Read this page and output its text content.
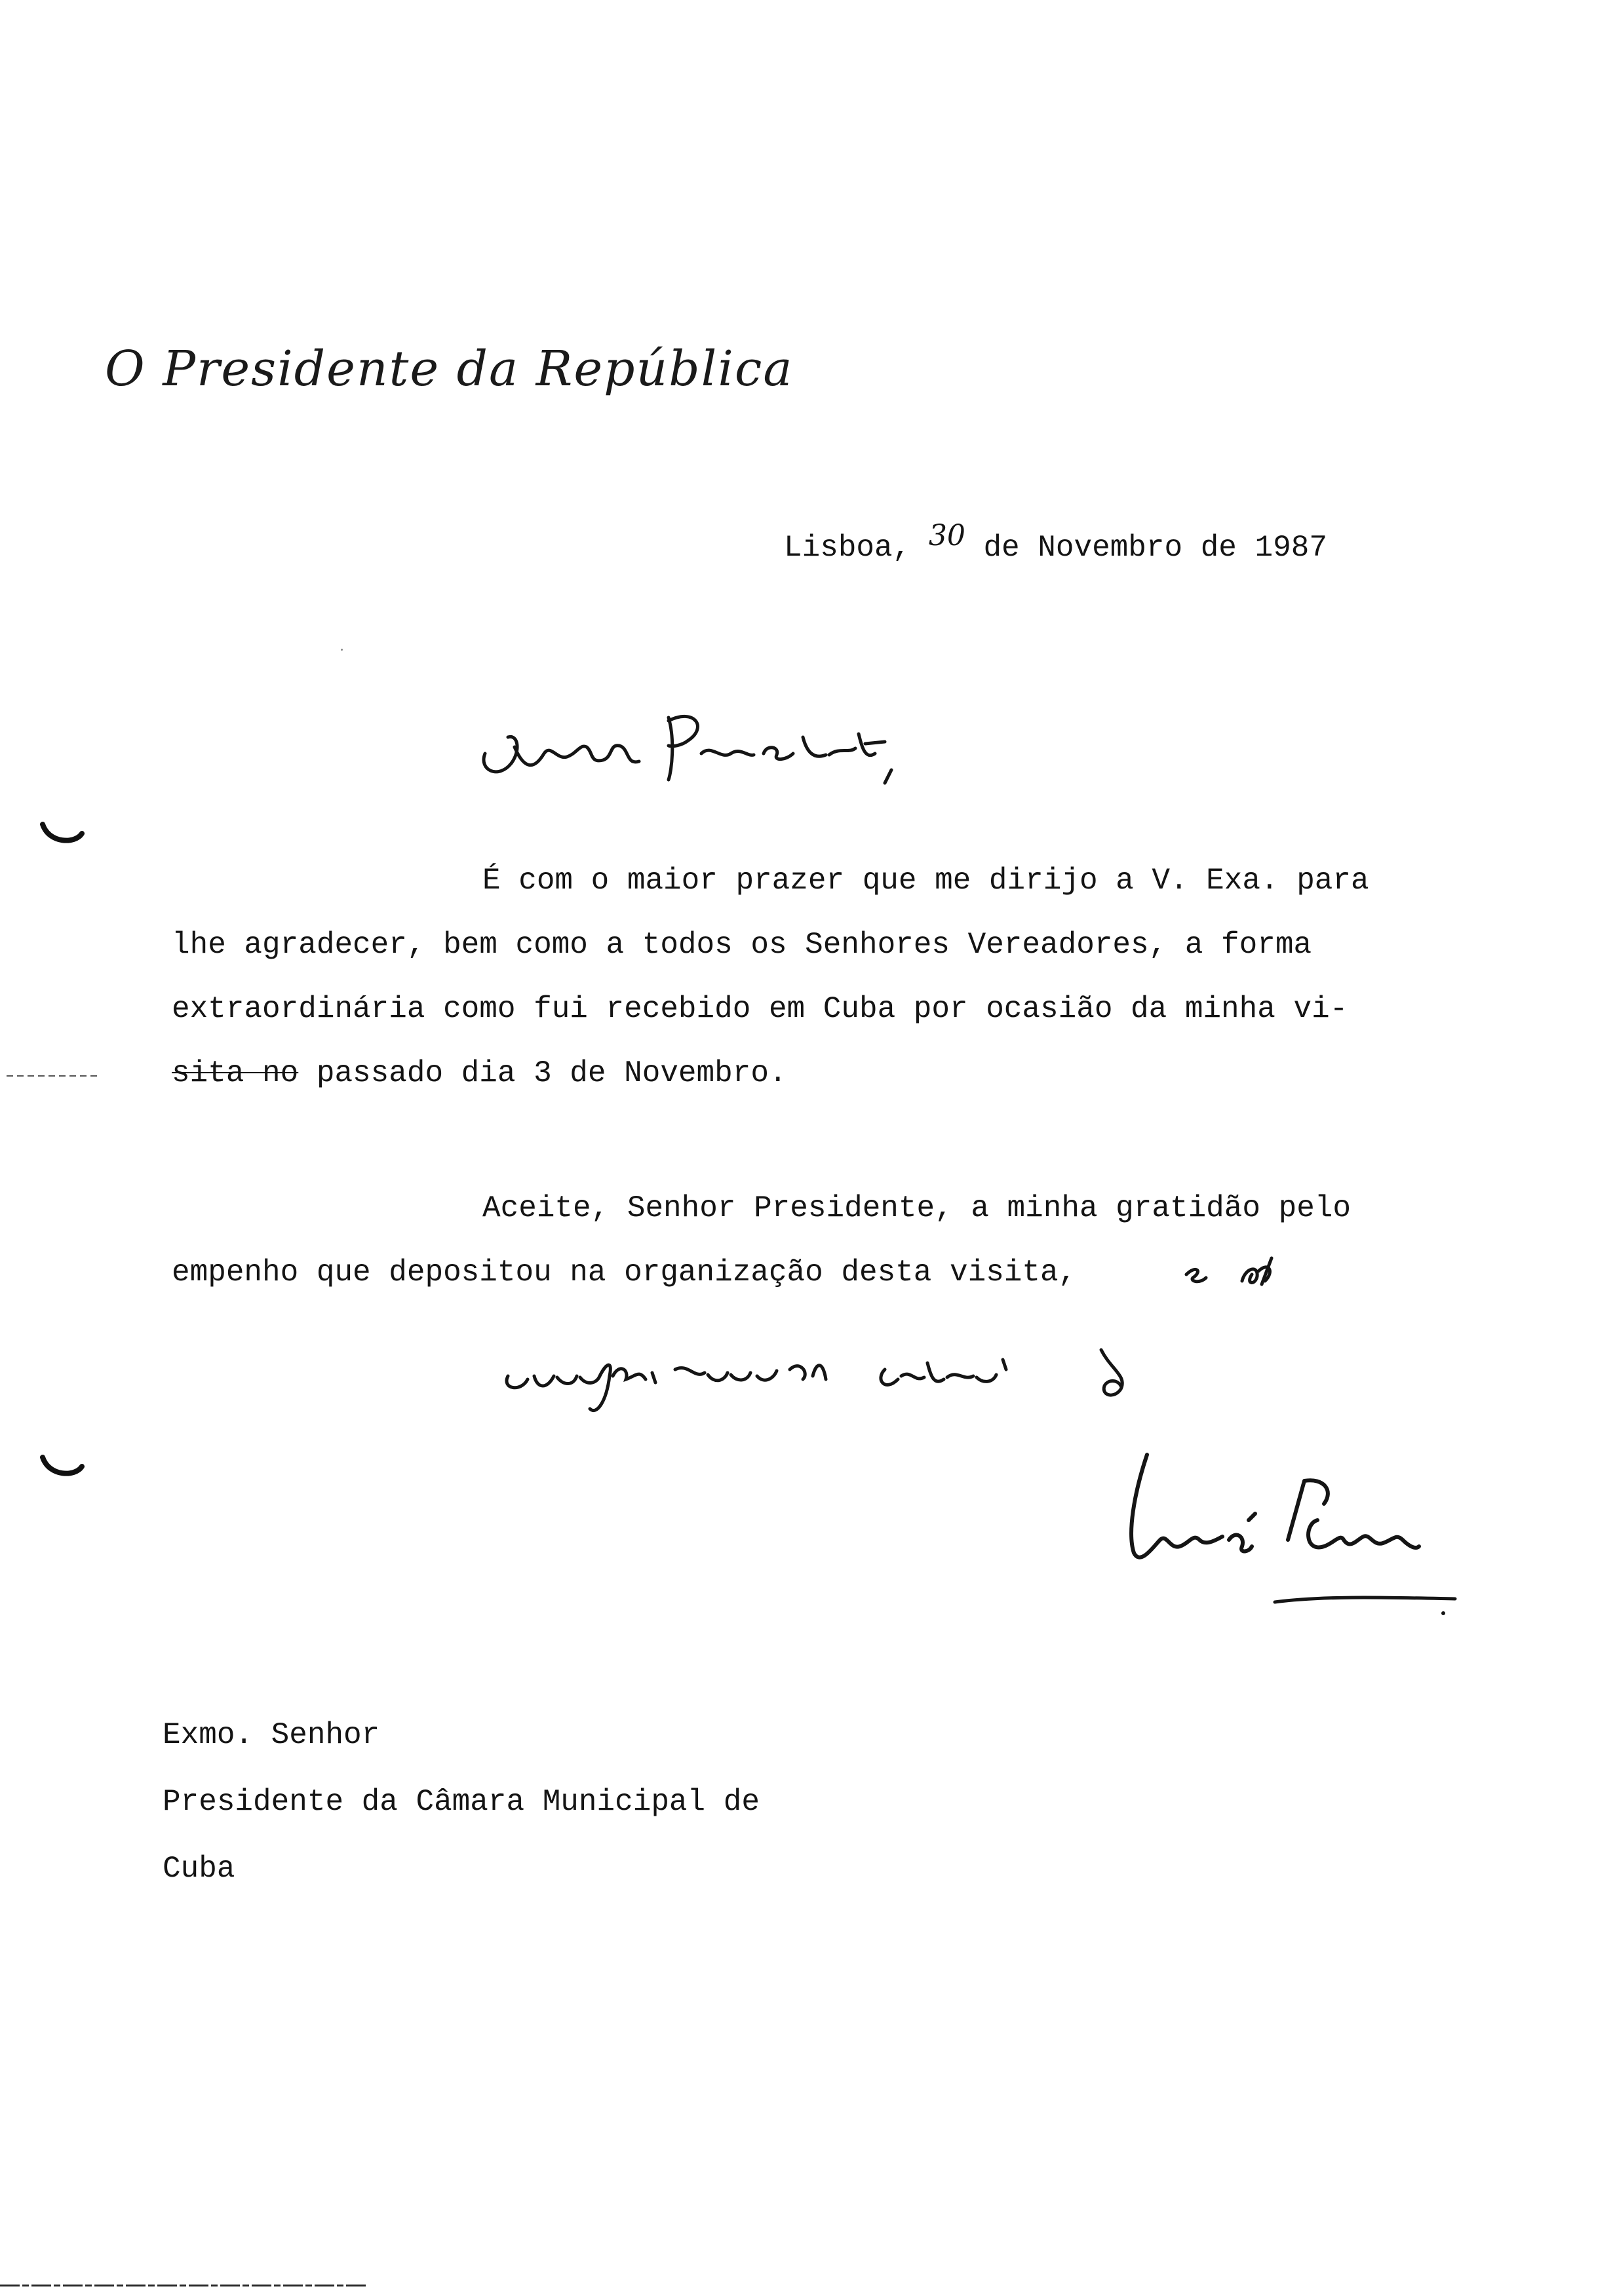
O Presidente da República
Lisboa, 30 de Novembro de 1987
É com o maior prazer que me dirijo a V. Exa. para
lhe agradecer, bem como a todos os Senhores Vereadores, a forma
extraordinária como fui recebido em Cuba por ocasião da minha vi-
sita no passado dia 3 de Novembro.
Aceite, Senhor Presidente, a minha gratidão pelo
empenho que depositou na organização desta visita,
Exmo. Senhor
Presidente da Câmara Municipal de
Cuba
